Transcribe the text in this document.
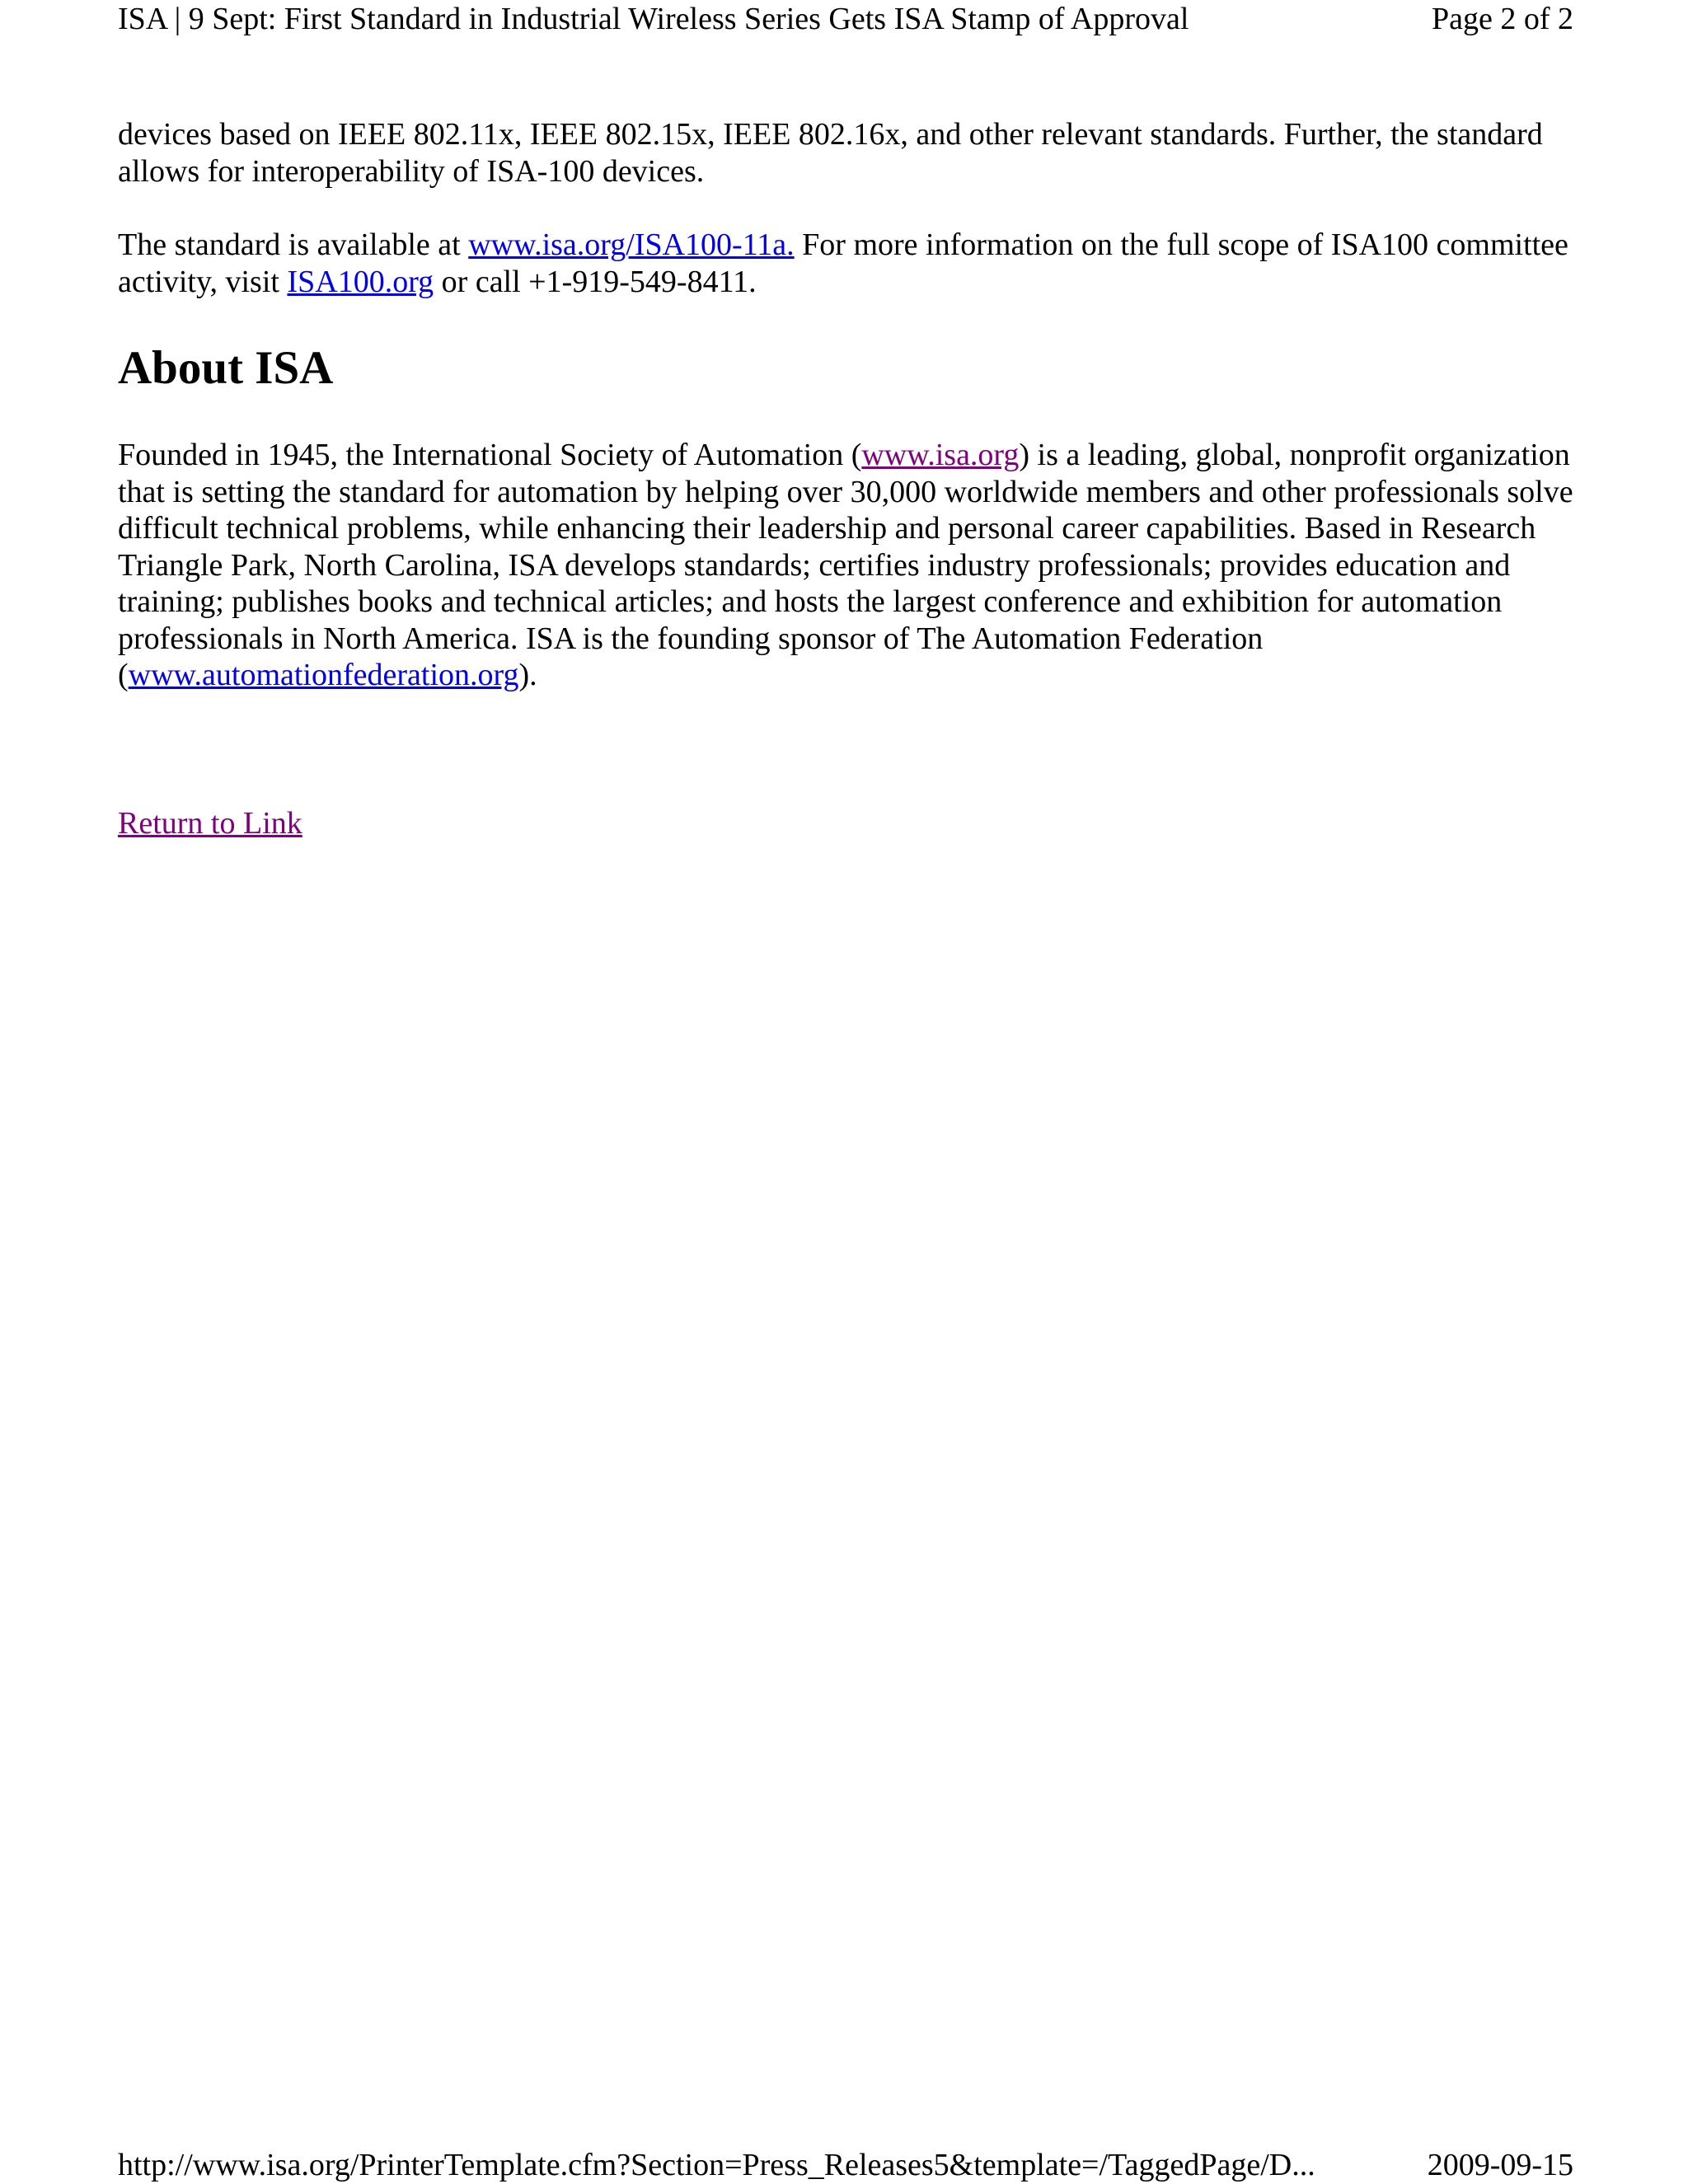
ISA | 9 Sept: First Standard in Industrial Wireless Series Gets ISA Stamp of Approval	Page 2 of 2

devices based on IEEE 802.11x, IEEE 802.15x, IEEE 802.16x, and other relevant standards. Further, the standard allows for interoperability of ISA-100 devices.

The standard is available at www.isa.org/ISA100-11a. For more information on the full scope of ISA100 committee activity, visit ISA100.org or call +1-919-549-8411.

About ISA

Founded in 1945, the International Society of Automation (www.isa.org) is a leading, global, nonprofit organization that is setting the standard for automation by helping over 30,000 worldwide members and other professionals solve difficult technical problems, while enhancing their leadership and personal career capabilities. Based in Research Triangle Park, North Carolina, ISA develops standards; certifies industry professionals; provides education and training; publishes books and technical articles; and hosts the largest conference and exhibition for automation professionals in North America. ISA is the founding sponsor of The Automation Federation (www.automationfederation.org).

Return to Link
http://www.isa.org/PrinterTemplate.cfm?Section=Press_Releases5&template=/TaggedPage/D...	2009-09-15
